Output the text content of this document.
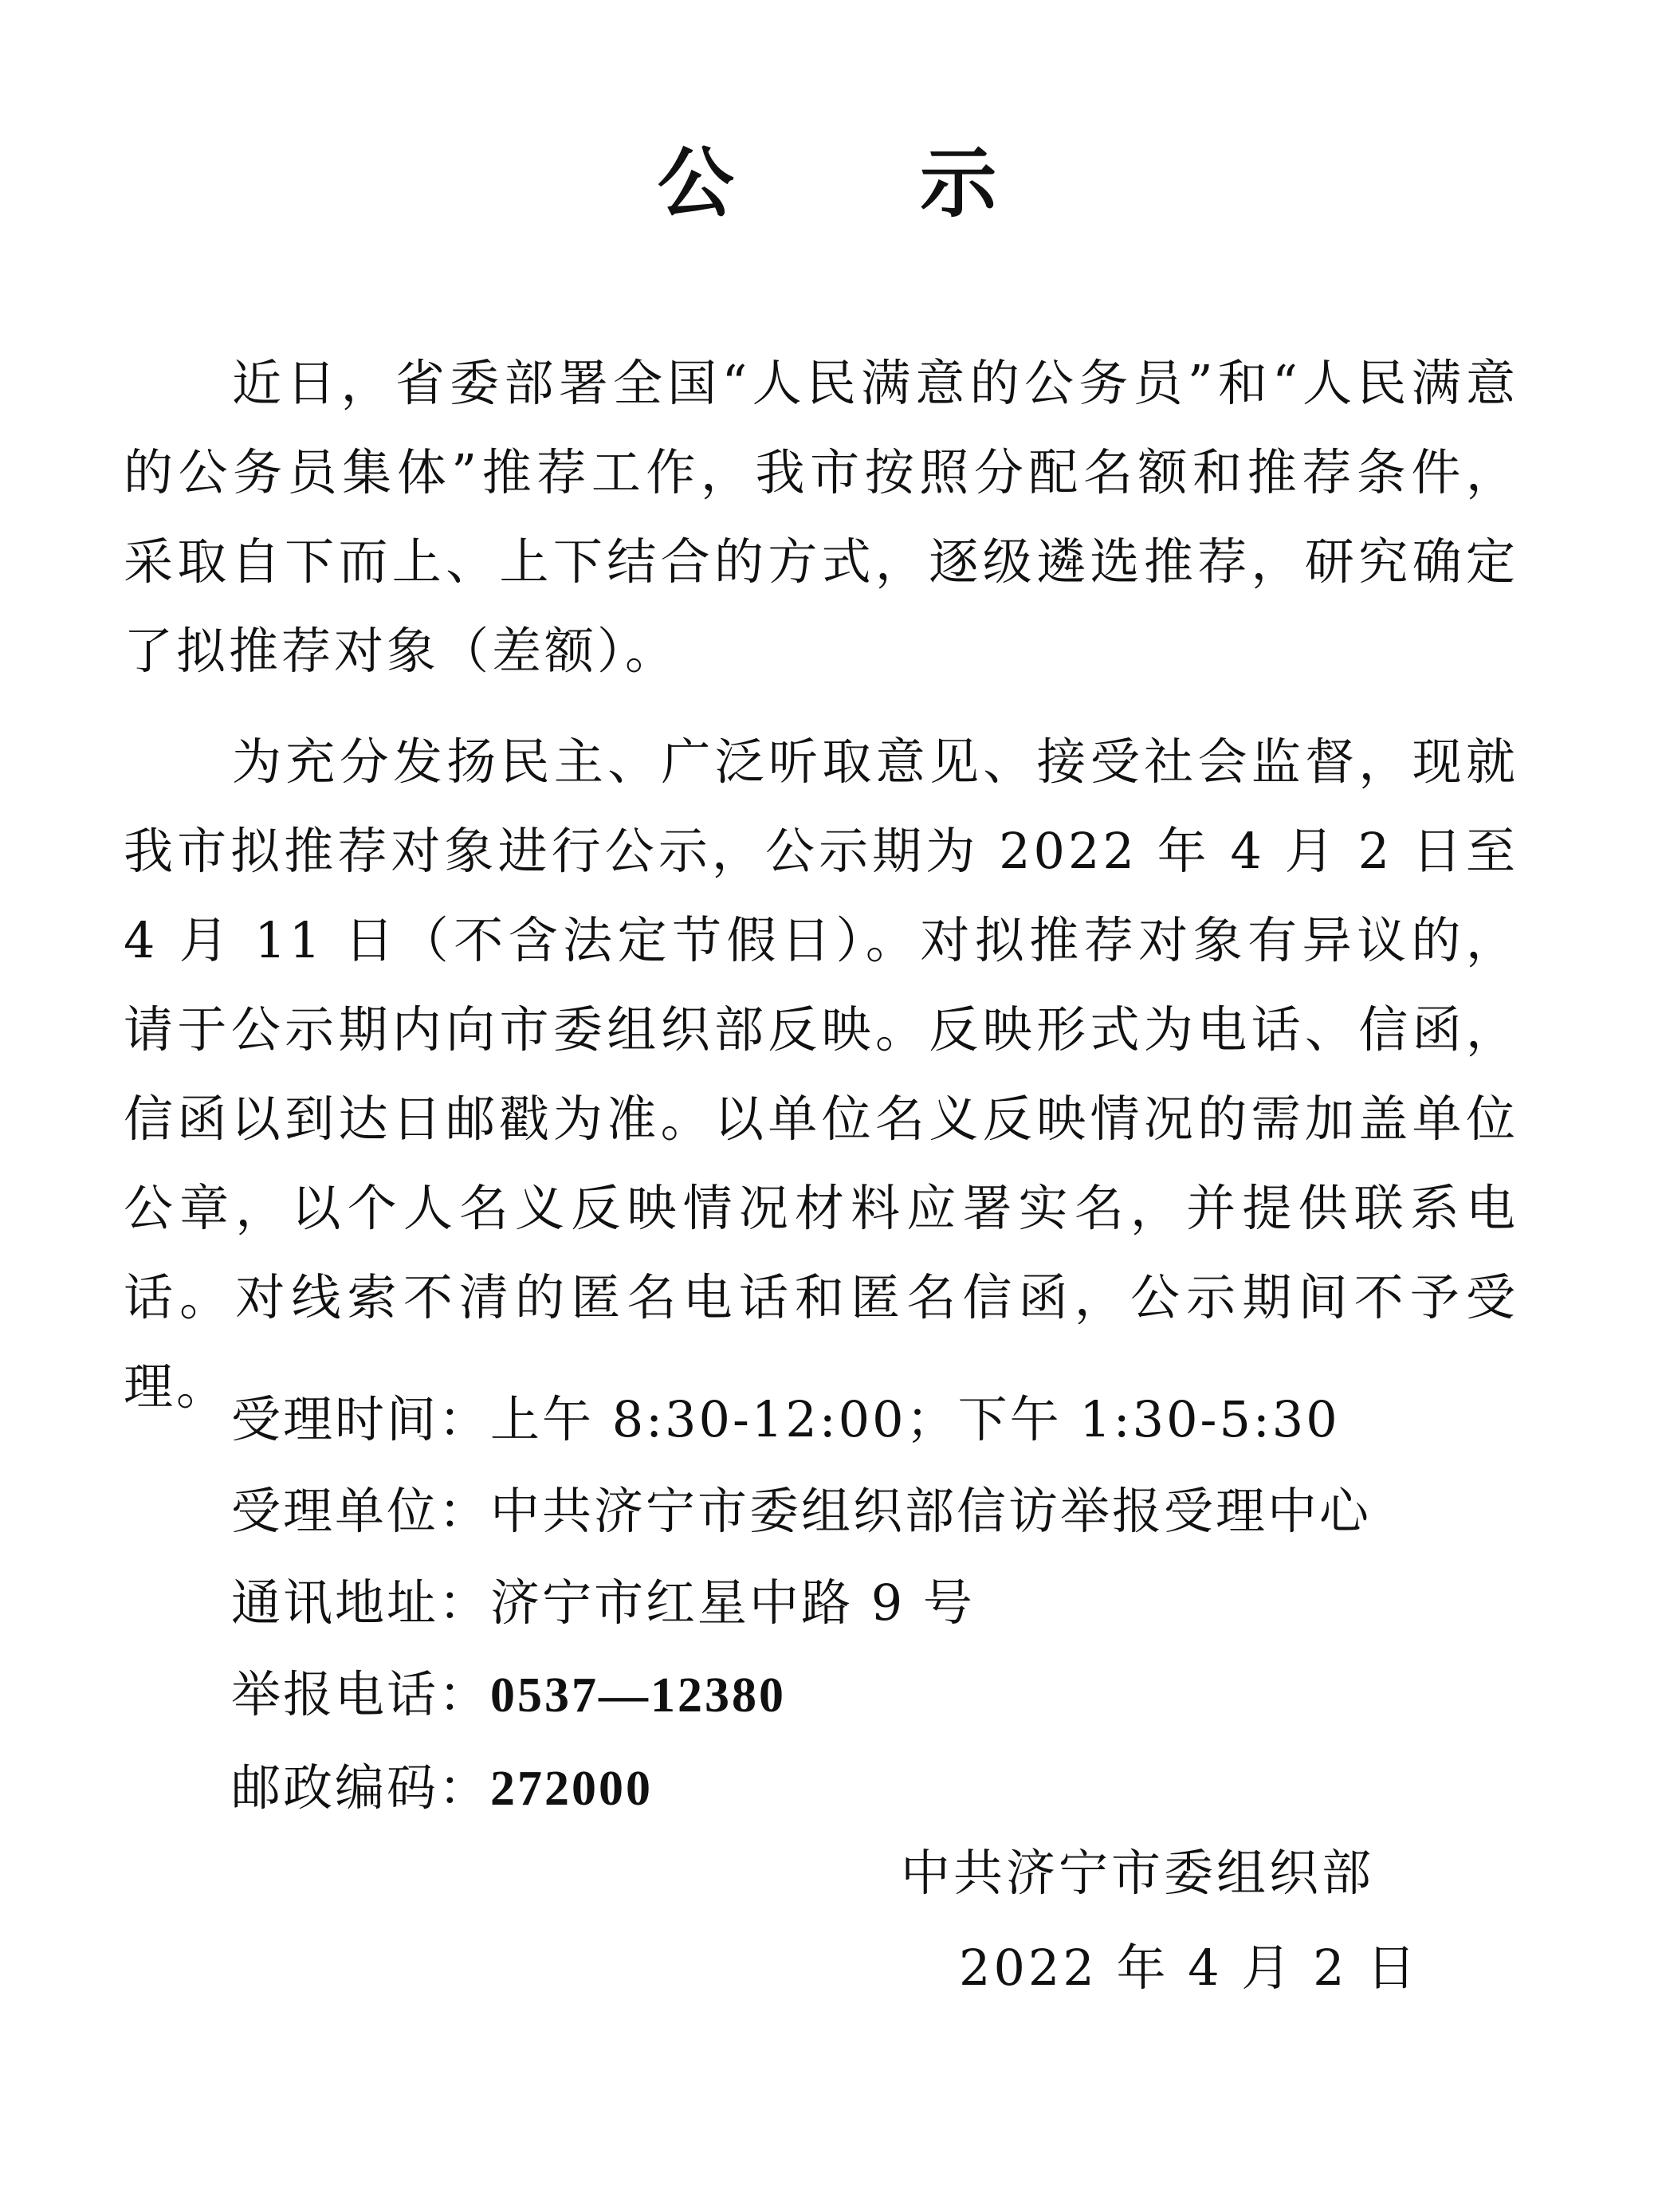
公 示

近日，省委部署全国“人民满意的公务员”和“人民满意的公务员集体”推荐工作，我市按照分配名额和推荐条件，采取自下而上、上下结合的方式，逐级遴选推荐，研究确定了拟推荐对象（差额）。

为充分发扬民主、广泛听取意见、接受社会监督，现就我市拟推荐对象进行公示，公示期为 2022 年 4 月 2 日至 4 月 11 日（不含法定节假日）。对拟推荐对象有异议的，请于公示期内向市委组织部反映。反映形式为电话、信函，信函以到达日邮戳为准。以单位名义反映情况的需加盖单位公章，以个人名义反映情况材料应署实名，并提供联系电话。对线索不清的匿名电话和匿名信函，公示期间不予受理。

受理时间：上午 8:30-12:00；下午 1:30-5:30
受理单位：中共济宁市委组织部信访举报受理中心
通讯地址：济宁市红星中路 9 号
举报电话：0537—12380
邮政编码：272000
中共济宁市委组织部
2022 年 4 月 2 日
